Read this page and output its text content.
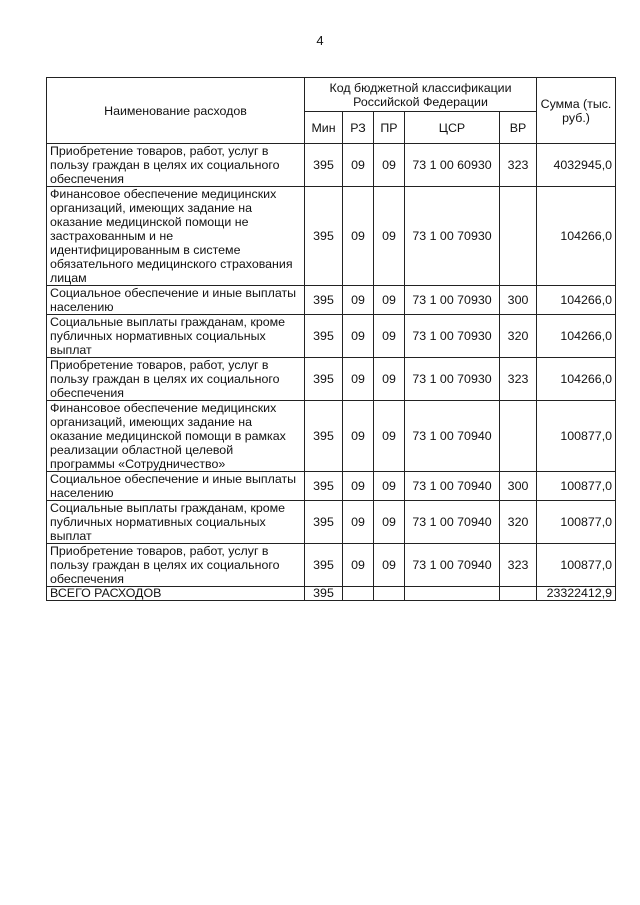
4
Наименование расходов	Код бюджетной классификации Российской Федерации					Сумма (тыс. руб.)
	Мин	РЗ	ПР	ЦСР	ВР	
Приобретение товаров, работ, услуг в пользу граждан в целях их социального обеспечения	395	09	09	73 1 00 60930	323	4032945,0
Финансовое обеспечение медицинских организаций, имеющих задание на оказание медицинской помощи не застрахованным и не идентифицированным в системе обязательного медицинского страхования лицам	395	09	09	73 1 00 70930		104266,0
Социальное обеспечение и иные выплаты населению	395	09	09	73 1 00 70930	300	104266,0
Социальные выплаты гражданам, кроме публичных нормативных социальных выплат	395	09	09	73 1 00 70930	320	104266,0
Приобретение товаров, работ, услуг в пользу граждан в целях их социального обеспечения	395	09	09	73 1 00 70930	323	104266,0
Финансовое обеспечение медицинских организаций, имеющих задание на оказание медицинской помощи в рамках реализации областной целевой программы «Сотрудничество»	395	09	09	73 1 00 70940		100877,0
Социальное обеспечение и иные выплаты населению	395	09	09	73 1 00 70940	300	100877,0
Социальные выплаты гражданам, кроме публичных нормативных социальных выплат	395	09	09	73 1 00 70940	320	100877,0
Приобретение товаров, работ, услуг в пользу граждан в целях их социального обеспечения	395	09	09	73 1 00 70940	323	100877,0
ВСЕГО РАСХОДОВ	395					23322412,9
